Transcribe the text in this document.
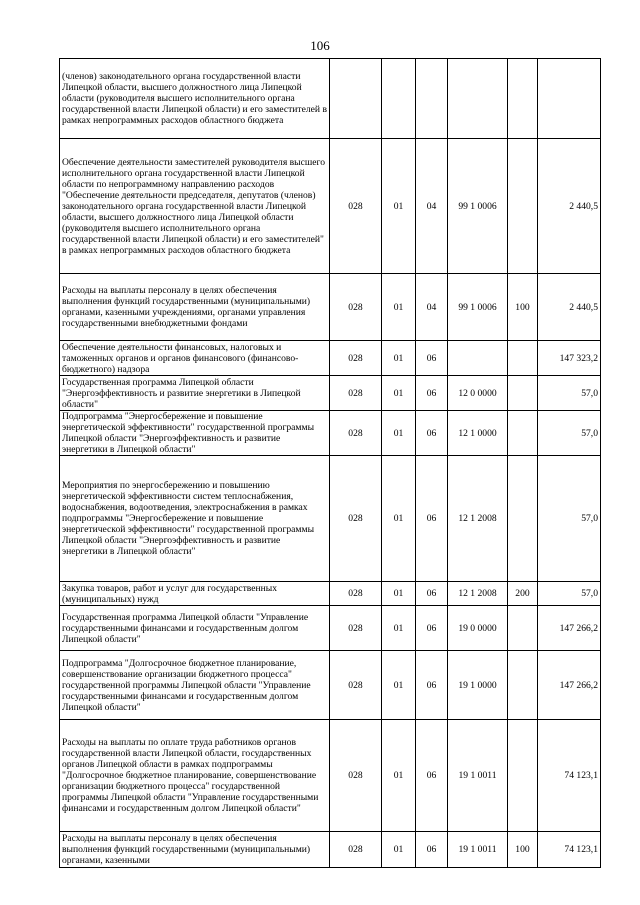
106
(членов) законодательного органа государственной власти Липецкой области, высшего должностного лица Липецкой области (руководителя высшего исполнительного органа государственной власти Липецкой области) и его заместителей в рамках непрограммных расходов областного бюджета						
Обеспечение деятельности заместителей руководителя высшего исполнительного органа государственной власти Липецкой области по непрограммному направлению расходов "Обеспечение деятельности председателя, депутатов (членов) законодательного органа государственной власти Липецкой области, высшего должностного лица Липецкой области (руководителя высшего исполнительного органа государственной власти Липецкой области) и его заместителей" в рамках непрограммных расходов областного бюджета	028	01	04	99 1 0006		2 440,5
Расходы на выплаты персоналу в целях обеспечения выполнения функций государственными (муниципальными) органами, казенными учреждениями, органами управления государственными внебюджетными фондами	028	01	04	99 1 0006	100	2 440,5
Обеспечение деятельности финансовых, налоговых и таможенных органов и органов финансового (финансово-бюджетного) надзора	028	01	06			147 323,2
Государственная программа Липецкой области "Энергоэффективность и развитие энергетики в Липецкой области"	028	01	06	12 0 0000		57,0
Подпрограмма "Энергосбережение и повышение энергетической эффективности" государственной программы Липецкой области "Энергоэффективность и развитие энергетики в Липецкой области"	028	01	06	12 1 0000		57,0
Мероприятия по энергосбережению и повышению энергетической эффективности систем теплоснабжения, водоснабжения, водоотведения, электроснабжения в рамках подпрограммы "Энергосбережение и повышение энергетической эффективности" государственной программы Липецкой области "Энергоэффективность и развитие энергетики в Липецкой области"	028	01	06	12 1 2008		57,0
Закупка товаров, работ и услуг для государственных (муниципальных) нужд	028	01	06	12 1 2008	200	57,0
Государственная программа Липецкой области "Управление государственными финансами и государственным долгом Липецкой области"	028	01	06	19 0 0000		147 266,2
Подпрограмма "Долгосрочное бюджетное планирование, совершенствование организации бюджетного процесса" государственной программы Липецкой области "Управление государственными финансами и государственным долгом Липецкой области"	028	01	06	19 1 0000		147 266,2
Расходы на выплаты по оплате труда работников органов государственной власти Липецкой области, государственных органов Липецкой области в рамках подпрограммы "Долгосрочное бюджетное планирование, совершенствование организации бюджетного процесса" государственной программы Липецкой области "Управление государственными финансами и государственным долгом Липецкой области"	028	01	06	19 1 0011		74 123,1
Расходы на выплаты персоналу в целях обеспечения выполнения функций государственными (муниципальными) органами, казенными	028	01	06	19 1 0011	100	74 123,1
